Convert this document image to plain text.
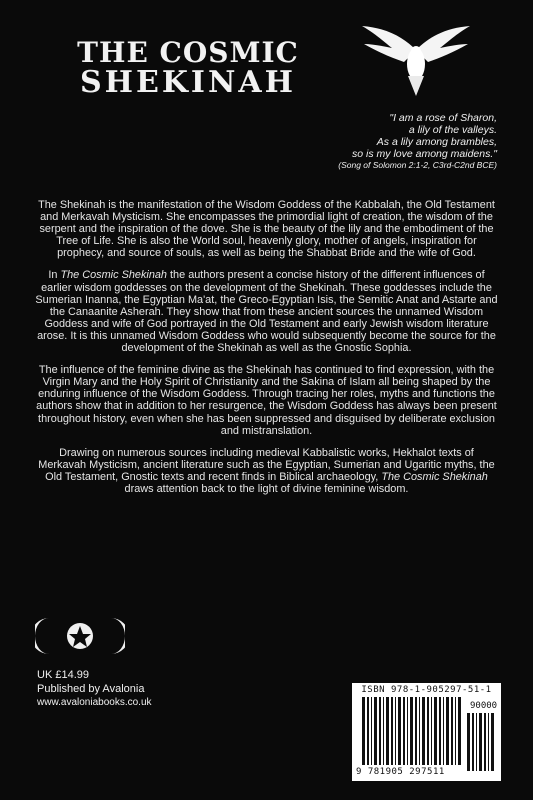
THE COSMIC
SHEKINAH
"I am a rose of Sharon,
a lily of the valleys.
As a lily among brambles,
so is my love among maidens."
(Song of Solomon 2:1-2, C3rd-C2nd BCE)

The Shekinah is the manifestation of the Wisdom Goddess of the Kabbalah, the Old Testament and Merkavah Mysticism. She encompasses the primordial light of creation, the wisdom of the serpent and the inspiration of the dove. She is the beauty of the lily and the embodiment of the Tree of Life. She is also the World soul, heavenly glory, mother of angels, inspiration for prophecy, and source of souls, as well as being the Shabbat Bride and the wife of God.

In The Cosmic Shekinah the authors present a concise history of the different influences of earlier wisdom goddesses on the development of the Shekinah. These goddesses include the Sumerian Inanna, the Egyptian Ma'at, the Greco-Egyptian Isis, the Semitic Anat and Astarte and the Canaanite Asherah. They show that from these ancient sources the unnamed Wisdom Goddess and wife of God portrayed in the Old Testament and early Jewish wisdom literature arose. It is this unnamed Wisdom Goddess who would subsequently become the source for the development of the Shekinah as well as the Gnostic Sophia.

The influence of the feminine divine as the Shekinah has continued to find expression, with the Virgin Mary and the Holy Spirit of Christianity and the Sakina of Islam all being shaped by the enduring influence of the Wisdom Goddess. Through tracing her roles, myths and functions the authors show that in addition to her resurgence, the Wisdom Goddess has always been present throughout history, even when she has been suppressed and disguised by deliberate exclusion and mistranslation.

Drawing on numerous sources including medieval Kabbalistic works, Hekhalot texts of Merkavah Mysticism, ancient literature such as the Egyptian, Sumerian and Ugaritic myths, the Old Testament, Gnostic texts and recent finds in Biblical archaeology, The Cosmic Shekinah draws attention back to the light of divine feminine wisdom.

UK £14.99
Published by Avalonia
www.avaloniabooks.co.uk
ISBN 978-1-905297-51-1
90000
9 781905 297511
